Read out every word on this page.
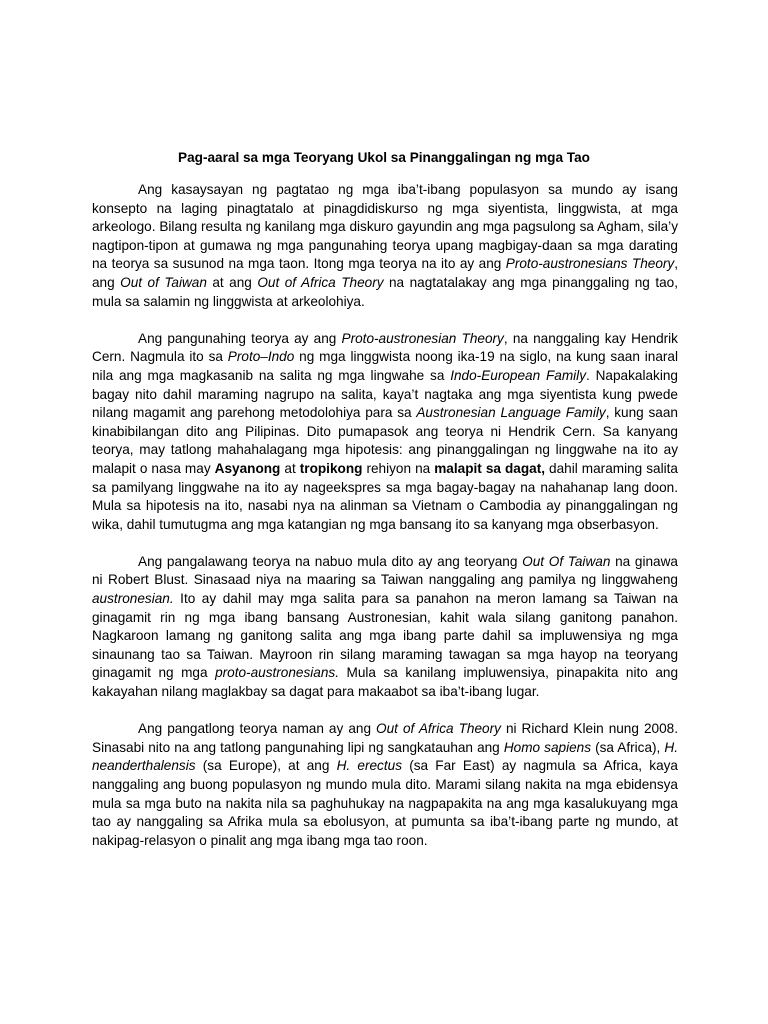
Pag-aaral sa mga Teoryang Ukol sa Pinanggalingan ng mga Tao

Ang kasaysayan ng pagtatao ng mga iba’t-ibang populasyon sa mundo ay isang konsepto na laging pinagtatalo at pinagdidiskurso ng mga siyentista, linggwista, at mga arkeologo. Bilang resulta ng kanilang mga diskuro gayundin ang mga pagsulong sa Agham, sila’y nagtipon-tipon at gumawa ng mga pangunahing teorya upang magbigay-daan sa mga darating na teorya sa susunod na mga taon. Itong mga teorya na ito ay ang Proto-austronesians Theory, ang Out of Taiwan at ang Out of Africa Theory na nagtatalakay ang mga pinanggaling ng tao, mula sa salamin ng linggwista at arkeolohiya.

Ang pangunahing teorya ay ang Proto-austronesian Theory, na nanggaling kay Hendrik Cern. Nagmula ito sa Proto–Indo ng mga linggwista noong ika-19 na siglo, na kung saan inaral nila ang mga magkasanib na salita ng mga lingwahe sa Indo-European Family. Napakalaking bagay nito dahil maraming nagrupo na salita, kaya’t nagtaka ang mga siyentista kung pwede nilang magamit ang parehong metodolohiya para sa Austronesian Language Family, kung saan kinabibilangan dito ang Pilipinas. Dito pumapasok ang teorya ni Hendrik Cern. Sa kanyang teorya, may tatlong mahahalagang mga hipotesis: ang pinanggalingan ng linggwahe na ito ay malapit o nasa may Asyanong at tropikong rehiyon na malapit sa dagat, dahil maraming salita sa pamilyang linggwahe na ito ay nageekspres sa mga bagay-bagay na nahahanap lang doon. Mula sa hipotesis na ito, nasabi nya na alinman sa Vietnam o Cambodia ay pinanggalingan ng wika, dahil tumutugma ang mga katangian ng mga bansang ito sa kanyang mga obserbasyon.

Ang pangalawang teorya na nabuo mula dito ay ang teoryang Out Of Taiwan na ginawa ni Robert Blust. Sinasaad niya na maaring sa Taiwan nanggaling ang pamilya ng linggwaheng austronesian. Ito ay dahil may mga salita para sa panahon na meron lamang sa Taiwan na ginagamit rin ng mga ibang bansang Austronesian, kahit wala silang ganitong panahon. Nagkaroon lamang ng ganitong salita ang mga ibang parte dahil sa impluwensiya ng mga sinaunang tao sa Taiwan. Mayroon rin silang maraming tawagan sa mga hayop na teoryang ginagamit ng mga proto-austronesians. Mula sa kanilang impluwensiya, pinapakita nito ang kakayahan nilang maglakbay sa dagat para makaabot sa iba’t-ibang lugar.

Ang pangatlong teorya naman ay ang Out of Africa Theory ni Richard Klein nung 2008. Sinasabi nito na ang tatlong pangunahing lipi ng sangkatauhan ang Homo sapiens (sa Africa), H. neanderthalensis (sa Europe), at ang H. erectus (sa Far East) ay nagmula sa Africa, kaya nanggaling ang buong populasyon ng mundo mula dito. Marami silang nakita na mga ebidensya mula sa mga buto na nakita nila sa paghuhukay na nagpapakita na ang mga kasalukuyang mga tao ay nanggaling sa Afrika mula sa ebolusyon, at pumunta sa iba’t-ibang parte ng mundo, at nakipag-relasyon o pinalit ang mga ibang mga tao roon.
